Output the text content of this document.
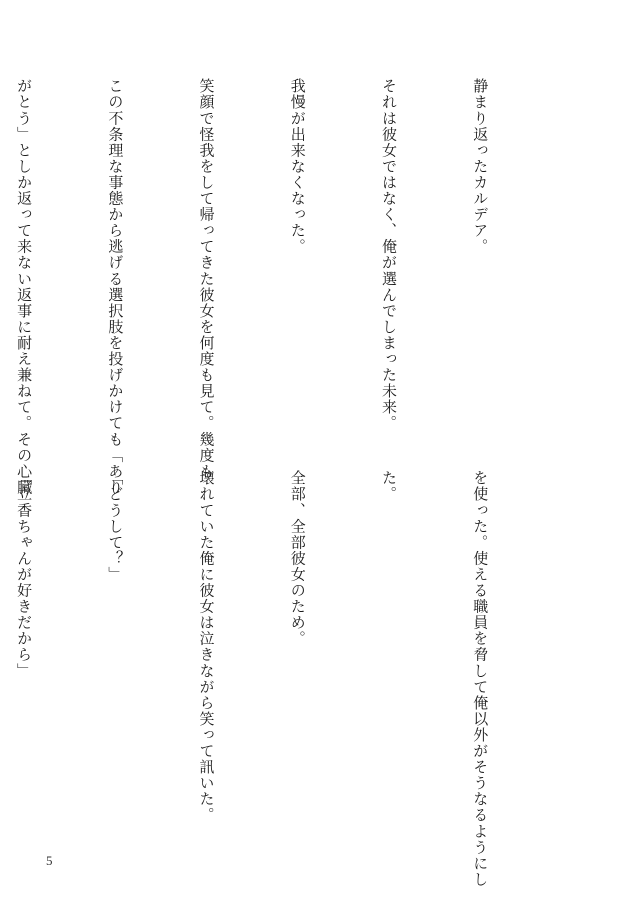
静まり返ったカルデア。

それは彼女ではなく、俺が選んでしまった未来。

我慢が出来なくなった。

笑顔で怪我をして帰ってきた彼女を何度も見て。幾度も

この不条理な事態から逃げる選択肢を投げかけても「あり

がとう」としか返って来ない返事に耐え兼ねて。その心臓

を使った。使える職員を脅して俺以外がそうなるようにし

た。

全部、全部彼女のため。

壊れていた俺に彼女は泣きながら笑って訊いた。

「どうして？」

「立香ちゃんが好きだから」

5
